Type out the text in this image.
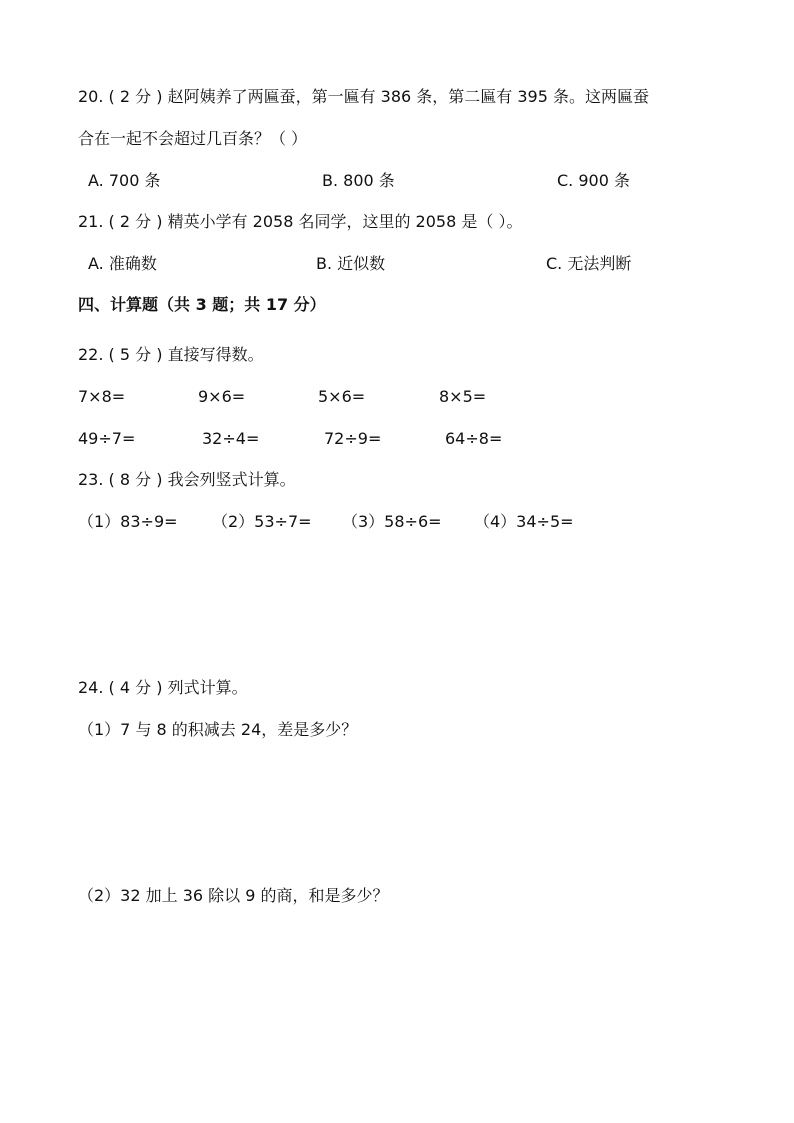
20. ( 2 分 ) 赵阿姨养了两匾蚕，第一匾有 386 条，第二匾有 395 条。这两匾蚕
合在一起不会超过几百条？（ ）
A. 700 条	B. 800 条	C. 900 条
21. ( 2 分 ) 精英小学有 2058 名同学，这里的 2058 是（ ）。
A. 准确数	B. 近似数	C. 无法判断
四、计算题（共 3 题；共 17 分）
22. ( 5 分 ) 直接写得数。
7×8=	9×6=	5×6=	8×5=
49÷7=	32÷4=	72÷9=	64÷8=
23. ( 8 分 ) 我会列竖式计算。
（1）83÷9= （2）53÷7= （3）58÷6= （4）34÷5=
24. ( 4 分 ) 列式计算。
（1）7 与 8 的积减去 24，差是多少？
（2）32 加上 36 除以 9 的商，和是多少？
